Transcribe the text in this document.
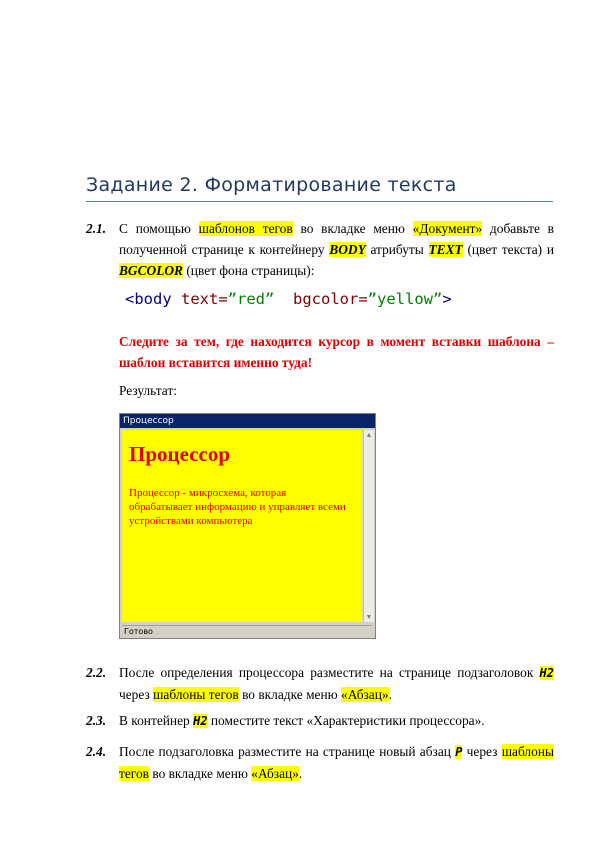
Задание 2. Форматирование текста
2.1. С помощью шаблонов тегов во вкладке меню «Документ» добавьте в полученной странице к контейнеру BODY атрибуты TEXT (цвет текста) и BGCOLOR (цвет фона страницы):
<body text=”red”  bgcolor=”yellow”>
Следите за тем, где находится курсор в момент вставки шаблона – шаблон вставится именно туда!
Результат:
Процессор
Процессор

Процессор - микросхема, которая обрабатывает информацию и управляет всеми устройствами компьютера

▲
▼
Готово
2.2. После определения процессора разместите на странице подзаголовок H2 через шаблоны тегов во вкладке меню «Абзац».
2.3. В контейнер H2 поместите текст «Характеристики процессора».
2.4. После подзаголовка разместите на странице новый абзац P через шаблоны тегов во вкладке меню «Абзац».
